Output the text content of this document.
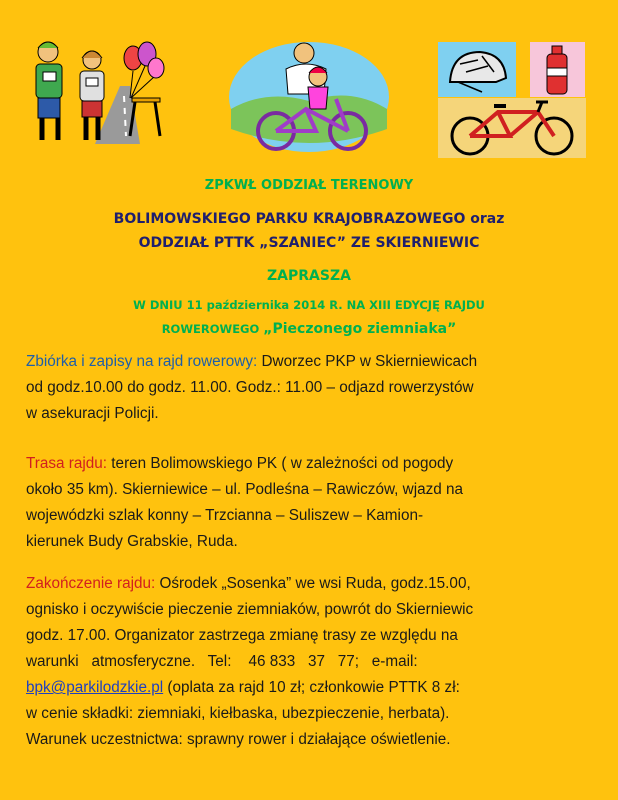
ZPKWŁ ODDZIAŁ TERENOWY
BOLIMOWSKIEGO PARKU KRAJOBRAZOWEGO oraz
ODDZIAŁ PTTK „SZANIEC” ZE SKIERNIEWIC
ZAPRASZA
W DNIU 11 października 2014 R. NA XIII EDYCJĘ RAJDU
ROWEROWEGO „Pieczonego ziemniaka”
Zbiórka i zapisy na rajd rowerowy: Dworzec PKP w Skierniewicach
od godz.10.00 do godz. 11.00. Godz.: 11.00 – odjazd rowerzystów
w asekuracji Policji.
Trasa rajdu: teren Bolimowskiego PK ( w zależności od pogody
około 35 km). Skierniewice – ul. Podleśna – Rawiczów, wjazd na
wojewódzki szlak konny – Trzcianna – Suliszew – Kamion-
kierunek Budy Grabskie, Ruda.
Zakończenie rajdu: Ośrodek „Sosenka” we wsi Ruda, godz.15.00,
ognisko i oczywiście pieczenie ziemniaków, powrót do Skierniewic
godz. 17.00. Organizator zastrzega zmianę trasy ze względu na
warunki   atmosferyczne.   Tel:    46 833   37   77;   e-mail:
bpk@parkilodzkie.pl (oplata za rajd 10 zł; członkowie PTTK 8 zł:
w cenie składki: ziemniaki, kiełbaska, ubezpieczenie, herbata).
Warunek uczestnictwa: sprawny rower i działające oświetlenie.
